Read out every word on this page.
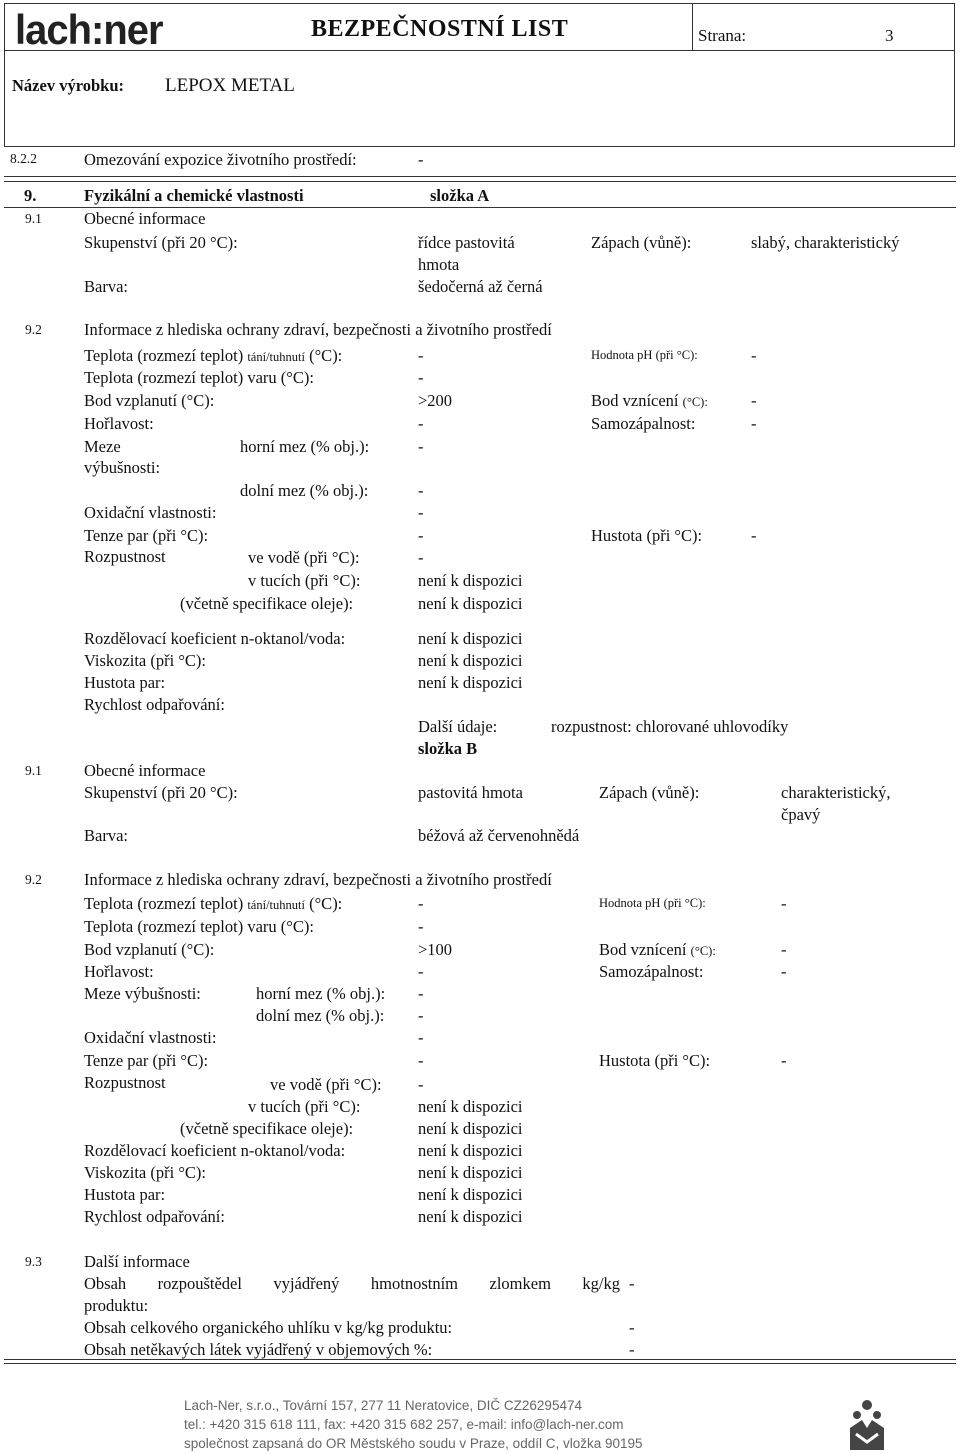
lach:ner	BEZPEČNOSTNÍ LIST	Strana:	3
Název výrobku: LEPOX METAL
8.2.2	Omezování expozice životního prostředí:	-
9.	Fyzikální a chemické vlastnosti	složka A
9.1	Obecné informace
Skupenství (při 20 °C):	řídce pastovitá
hmota
Zápach (vůně):	slabý, charakteristický
Barva:	šedočerná až černá
9.2	Informace z hlediska ochrany zdraví, bezpečnosti a životního prostředí
Teplota (rozmezí teplot) tání/tuhnutí (°C):	-	Hodnota pH (při °C):	-
Teplota (rozmezí teplot) varu (°C):	-
Bod vzplanutí (°C):	>200	Bod vznícení (°C):	-
Hořlavost:	-	Samozápalnost:	-
Meze
výbušnosti:
horní mez (% obj.):	-
dolní mez (% obj.):	-
Oxidační vlastnosti:	-
Tenze par (při °C):	-	Hustota (při °C):	-
Rozpustnost	ve vodě (při °C):	-
v tucích (při °C):	není k dispozici
(včetně specifikace oleje):	není k dispozici
Rozdělovací koeficient n-oktanol/voda:	není k dispozici
Viskozita (při °C):	není k dispozici
Hustota par:	není k dispozici
Rychlost odpařování:
Další údaje:	rozpustnost: chlorované uhlovodíky
složka B
9.1	Obecné informace
Skupenství (při 20 °C):	pastovitá hmota	Zápach (vůně):	charakteristický,
čpavý
Barva:	béžová až červenohnědá
9.2	Informace z hlediska ochrany zdraví, bezpečnosti a životního prostředí
Teplota (rozmezí teplot) tání/tuhnutí (°C):	-	Hodnota pH (při °C):	-
Teplota (rozmezí teplot) varu (°C):	-
Bod vzplanutí (°C):	>100	Bod vznícení (°C):	-
Hořlavost:	-	Samozápalnost:	-
Meze výbušnosti:	horní mez (% obj.): -
dolní mez (% obj.): -
Oxidační vlastnosti:	-
Tenze par (při °C):	-	Hustota (při °C):	-
Rozpustnost	ve vodě (při °C): -
v tucích (při °C):	není k dispozici
(včetně specifikace oleje):	není k dispozici
Rozdělovací koeficient n-oktanol/voda:	není k dispozici
Viskozita (při °C):	není k dispozici
Hustota par:	není k dispozici
Rychlost odpařování:	není k dispozici
9.3	Další informace
Obsah rozpouštědel vyjádřený hmotnostním zlomkem kg/kg
produktu:
-
Obsah celkového organického uhlíku v kg/kg produktu:	-
Obsah netěkavých látek vyjádřený v objemových %:	-
Lach-Ner, s.r.o., Tovární 157, 277 11 Neratovice, DIČ CZ26295474
tel.: +420 315 618 111, fax: +420 315 682 257, e-mail: info@lach-ner.com
společnost zapsaná do OR Městského soudu v Praze, oddíl C, vložka 90195
